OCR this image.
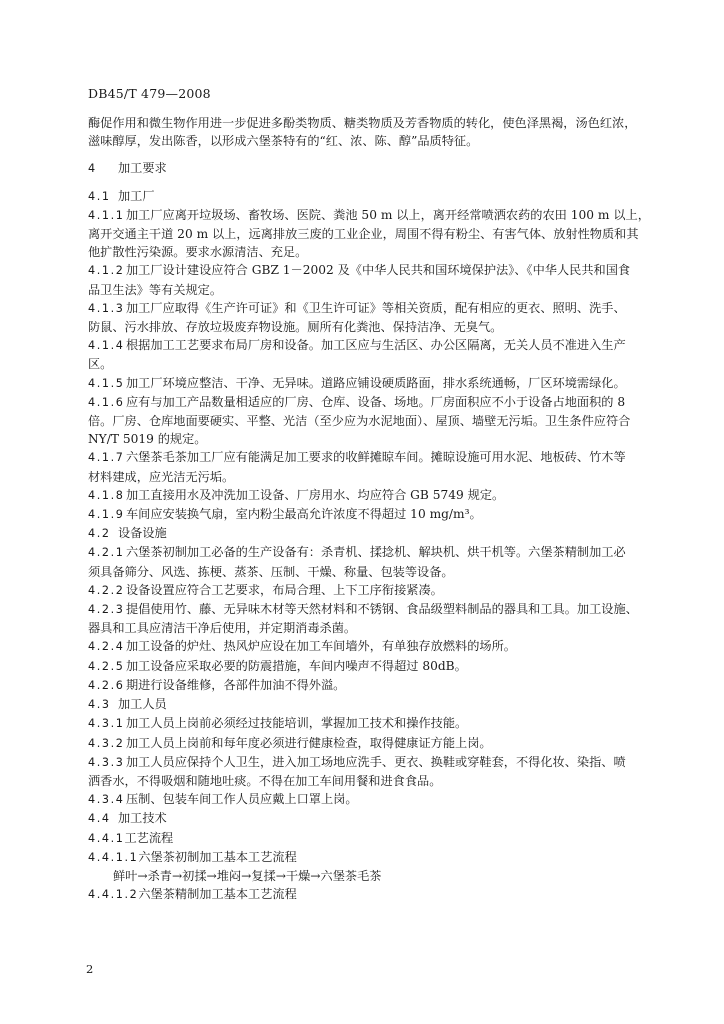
DB45/T 479—2008

酶促作用和微生物作用进一步促进多酚类物质、糖类物质及芳香物质的转化，使色泽黑褐，汤色红浓，
滋味醇厚，发出陈香，以形成六堡茶特有的“红、浓、陈、醇”品质特征。

4 加工要求

4.1 加工厂

4.1.1 加工厂应离开垃圾场、畜牧场、医院、粪池 50 m 以上，离开经常喷洒农药的农田 100 m 以上，
离开交通主干道 20 m 以上，远离排放三废的工业企业，周围不得有粉尘、有害气体、放射性物质和其
他扩散性污染源。要求水源清洁、充足。

4.1.2 加工厂设计建设应符合 GBZ 1－2002 及《中华人民共和国环境保护法》、《中华人民共和国食
品卫生法》等有关规定。

4.1.3 加工厂应取得《生产许可证》和《卫生许可证》等相关资质，配有相应的更衣、照明、洗手、
防鼠、污水排放、存放垃圾废弃物设施。厕所有化粪池、保持洁净、无臭气。

4.1.4 根据加工工艺要求布局厂房和设备。加工区应与生活区、办公区隔离，无关人员不准进入生产
区。

4.1.5 加工厂环境应整洁、干净、无异味。道路应铺设硬质路面，排水系统通畅，厂区环境需绿化。

4.1.6 应有与加工产品数量相适应的厂房、仓库、设备、场地。厂房面积应不小于设备占地面积的 8
倍。厂房、仓库地面要硬实、平整、光洁（至少应为水泥地面）、屋顶、墙壁无污垢。卫生条件应符合
NY/T 5019 的规定。

4.1.7 六堡茶毛茶加工厂应有能满足加工要求的收鲜摊晾车间。摊晾设施可用水泥、地板砖、竹木等
材料建成，应光洁无污垢。

4.1.8 加工直接用水及冲洗加工设备、厂房用水、均应符合 GB 5749 规定。

4.1.9 车间应安装换气扇，室内粉尘最高允许浓度不得超过 10 mg/m³。

4.2 设备设施

4.2.1 六堡茶初制加工必备的生产设备有：杀青机、揉捻机、解块机、烘干机等。六堡茶精制加工必
须具备筛分、风选、拣梗、蒸茶、压制、干燥、称量、包装等设备。

4.2.2 设备设置应符合工艺要求，布局合理、上下工序衔接紧凑。

4.2.3 提倡使用竹、藤、无异味木材等天然材料和不锈钢、食品级塑料制品的器具和工具。加工设施、
器具和工具应清洁干净后使用，并定期消毒杀菌。

4.2.4 加工设备的炉灶、热风炉应设在加工车间墙外，有单独存放燃料的场所。

4.2.5 加工设备应采取必要的防震措施，车间内噪声不得超过 80dB。

4.2.6 期进行设备维修，各部件加油不得外溢。

4.3 加工人员

4.3.1 加工人员上岗前必须经过技能培训，掌握加工技术和操作技能。

4.3.2 加工人员上岗前和每年度必须进行健康检查，取得健康证方能上岗。

4.3.3 加工人员应保持个人卫生，进入加工场地应洗手、更衣、换鞋或穿鞋套，不得化妆、染指、喷
洒香水，不得吸烟和随地吐痰。不得在加工车间用餐和进食食品。

4.3.4 压制、包装车间工作人员应戴上口罩上岗。

4.4 加工技术

4.4.1工艺流程

4.4.1.1六堡茶初制加工基本工艺流程

鲜叶→杀青→初揉→堆闷→复揉→干燥→六堡茶毛茶

4.4.1.2六堡茶精制加工基本工艺流程

2
